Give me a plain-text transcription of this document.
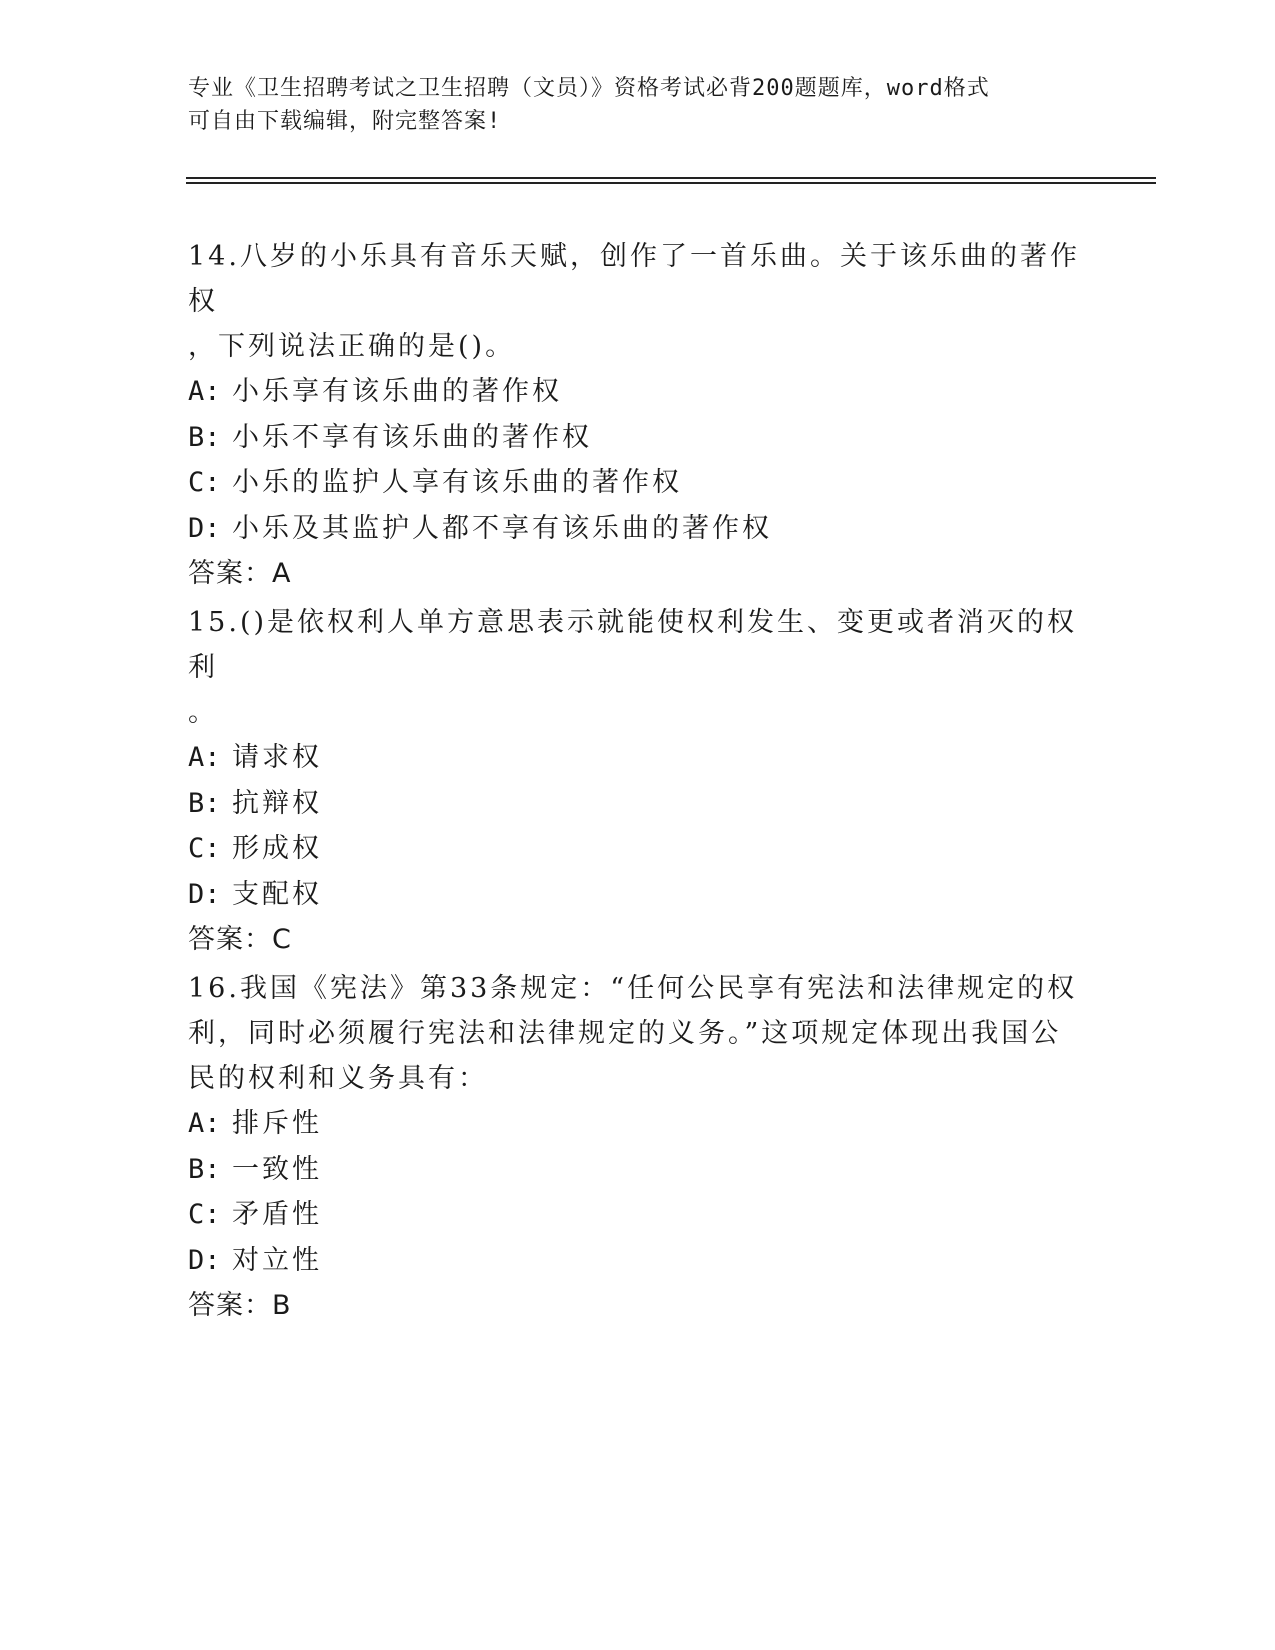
专业《卫生招聘考试之卫生招聘（文员）》资格考试必背200题题库，word格式
可自由下载编辑，附完整答案!

14.八岁的小乐具有音乐天赋，创作了一首乐曲。关于该乐曲的著作权

，下列说法正确的是()。

A: 小乐享有该乐曲的著作权

B: 小乐不享有该乐曲的著作权

C: 小乐的监护人享有该乐曲的著作权

D: 小乐及其监护人都不享有该乐曲的著作权

答案：A

15.()是依权利人单方意思表示就能使权利发生、变更或者消灭的权利

。

A: 请求权

B: 抗辩权

C: 形成权

D: 支配权

答案：C

16.我国《宪法》第33条规定：“任何公民享有宪法和法律规定的权

利，同时必须履行宪法和法律规定的义务。”这项规定体现出我国公

民的权利和义务具有：

A: 排斥性

B: 一致性

C: 矛盾性

D: 对立性

答案：B
